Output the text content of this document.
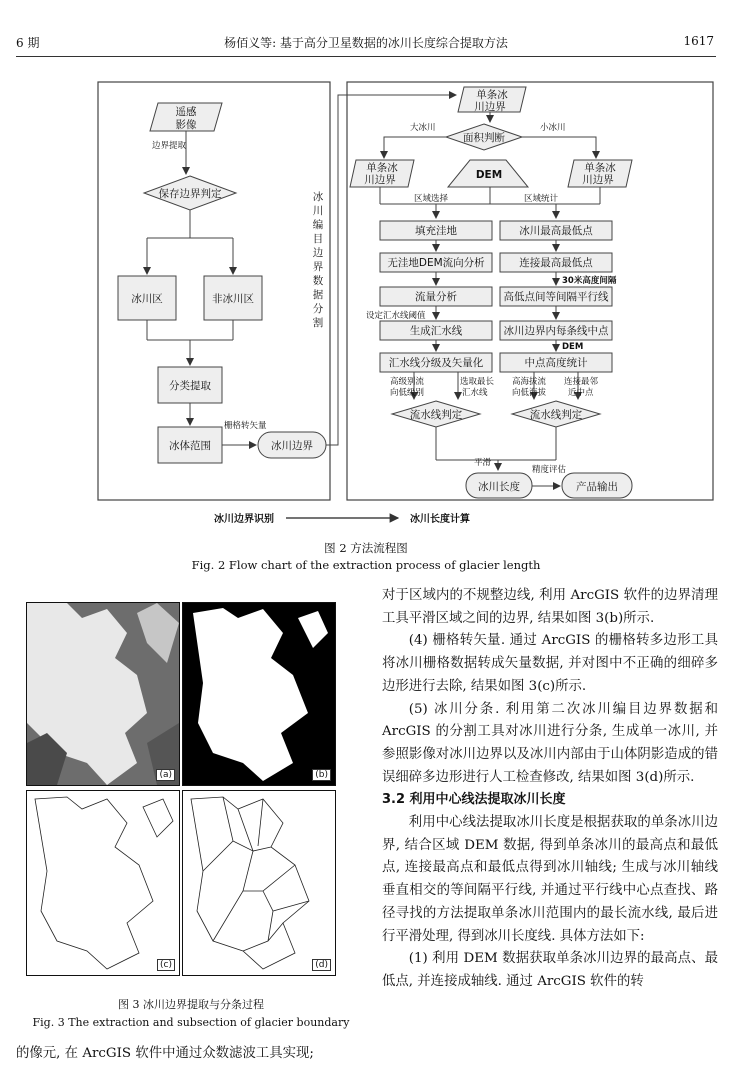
6 期	杨佰义等: 基于高分卫星数据的冰川长度综合提取方法	1617
遥感影像
保存边界判定
冰川区	非冰川区
分类提取
冰体范围	冰川边界
单条冰川边界
面积判断
单条冰川边界	DEM
单条冰川边界
填充洼地
无洼地DEM流向分析
流量分析
生成汇水线
汇水线分级及矢量化
流水线判定
冰川最高最低点
连接最高最低点
高低点间等间隔平行线
冰川边界内每条线中点
中点高度统计
流水线判定
冰川长度	产品输出
边界提取
栅格转矢量
大冰川	小冰川
区域选择	区域统计
设定汇水线阈值
30米高度间隔
DEM
高级别流向低级别
选取最长汇水线
高海拔流向低海拔
连接最邻近中点
平滑
精度评估
冰川边界识别	冰川长度计算
冰
川
编
目
边
界
数
据
分
割
图 2 方法流程图
Fig. 2 Flow chart of the extraction process of glacier length
(a)	(b)
(c)	(d)
图 3 冰川边界提取与分条过程
Fig. 3 The extraction and subsection of glacier boundary
的像元, 在 ArcGIS 软件中通过众数滤波工具实现;

对于区域内的不规整边线, 利用 ArcGIS 软件的边界清理工具平滑区域之间的边界, 结果如图 3(b)所示.

(4) 栅格转矢量. 通过 ArcGIS 的栅格转多边形工具将冰川栅格数据转成矢量数据, 并对图中不正确的细碎多边形进行去除, 结果如图 3(c)所示.

(5) 冰川分条. 利用第二次冰川编目边界数据和 ArcGIS 的分割工具对冰川进行分条, 生成单一冰川, 并参照影像对冰川边界以及冰川内部由于山体阴影造成的错误细碎多边形进行人工检查修改, 结果如图 3(d)所示.

3.2 利用中心线法提取冰川长度

利用中心线法提取冰川长度是根据获取的单条冰川边界, 结合区域 DEM 数据, 得到单条冰川的最高点和最低点, 连接最高点和最低点得到冰川轴线; 生成与冰川轴线垂直相交的等间隔平行线, 并通过平行线中心点查找、路径寻找的方法提取单条冰川范围内的最长流水线, 最后进行平滑处理, 得到冰川长度线. 具体方法如下:

(1) 利用 DEM 数据获取单条冰川边界的最高点、最低点, 并连接成轴线. 通过 ArcGIS 软件的转
